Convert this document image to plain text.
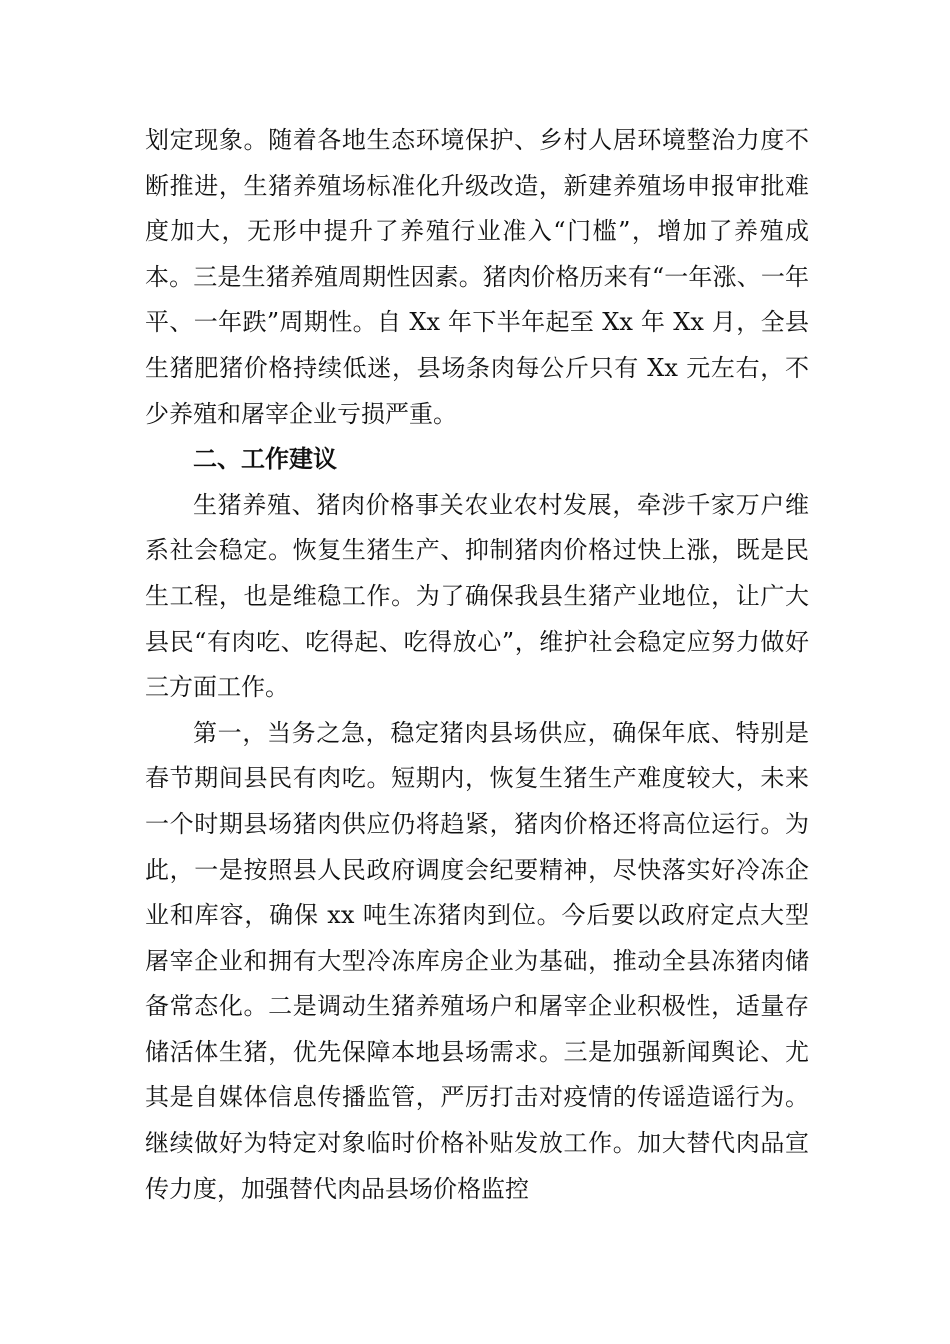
划定现象。随着各地生态环境保护、乡村人居环境整治力度不断推进，生猪养殖场标准化升级改造，新建养殖场申报审批难度加大，无形中提升了养殖行业准入“门槛”，增加了养殖成本。三是生猪养殖周期性因素。猪肉价格历来有“一年涨、一年平、一年跌”周期性。自 Xx 年下半年起至 Xx 年 Xx 月，全县生猪肥猪价格持续低迷，县场条肉每公斤只有 Xx 元左右，不少养殖和屠宰企业亏损严重。

二、工作建议

生猪养殖、猪肉价格事关农业农村发展，牵涉千家万户维系社会稳定。恢复生猪生产、抑制猪肉价格过快上涨，既是民生工程，也是维稳工作。为了确保我县生猪产业地位，让广大县民“有肉吃、吃得起、吃得放心”，维护社会稳定应努力做好三方面工作。

第一，当务之急，稳定猪肉县场供应，确保年底、特别是春节期间县民有肉吃。短期内，恢复生猪生产难度较大，未来一个时期县场猪肉供应仍将趋紧，猪肉价格还将高位运行。为此，一是按照县人民政府调度会纪要精神，尽快落实好冷冻企业和库容，确保 xx 吨生冻猪肉到位。今后要以政府定点大型屠宰企业和拥有大型冷冻库房企业为基础，推动全县冻猪肉储备常态化。二是调动生猪养殖场户和屠宰企业积极性，适量存储活体生猪，优先保障本地县场需求。三是加强新闻舆论、尤其是自媒体信息传播监管，严厉打击对疫情的传谣造谣行为。继续做好为特定对象临时价格补贴发放工作。加大替代肉品宣传力度，加强替代肉品县场价格监控
